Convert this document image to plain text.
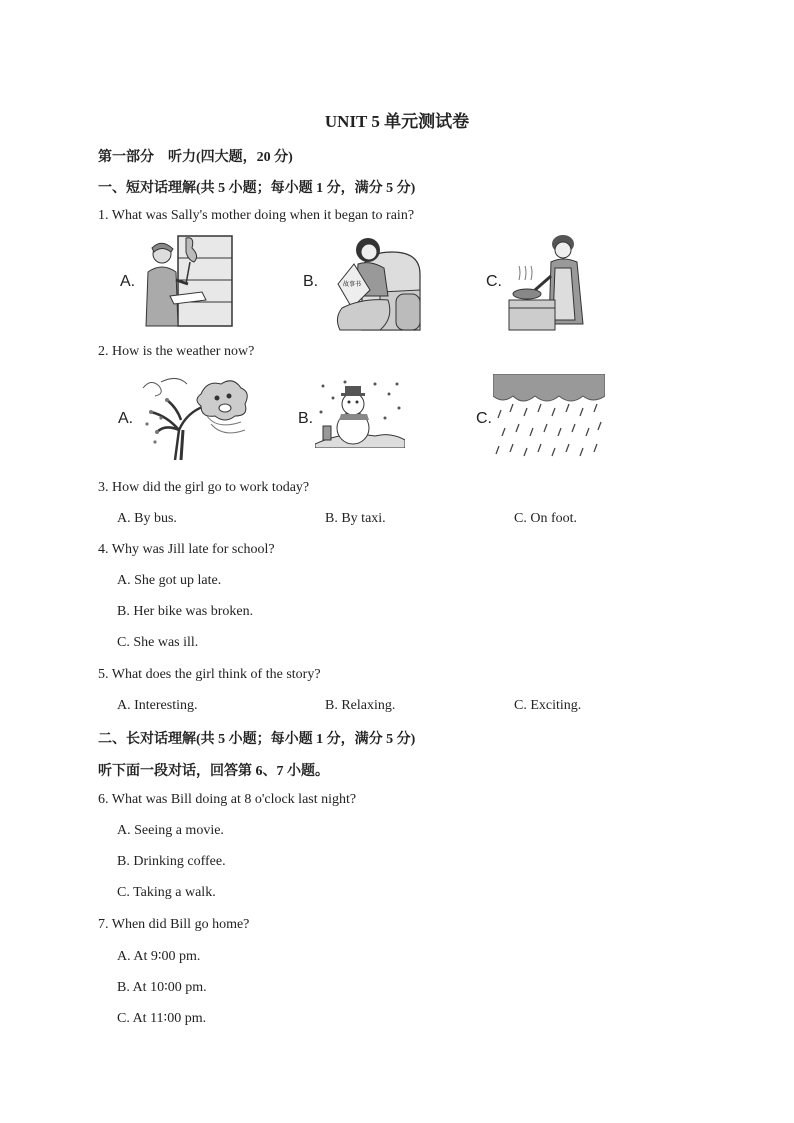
UNIT 5 单元测试卷
第一部分　听力(四大题，20 分)
一、短对话理解(共 5 小题；每小题 1 分，满分 5 分)
1. What was Sally's mother doing when it began to rain?
A.	B.	C.
故事书
2. How is the weather now?
A.	B.	C.
3. How did the girl go to work today?
A. By bus.	B. By taxi.	C. On foot.
4. Why was Jill late for school?
A. She got up late.
B. Her bike was broken.
C. She was ill.
5. What does the girl think of the story?
A. Interesting.	B. Relaxing.	C. Exciting.
二、长对话理解(共 5 小题；每小题 1 分，满分 5 分)
听下面一段对话，回答第 6、7 小题。
6. What was Bill doing at 8 o'clock last night?
A. Seeing a movie.
B. Drinking coffee.
C. Taking a walk.
7. When did Bill go home?
A. At 9∶00 pm.
B. At 10∶00 pm.
C. At 11∶00 pm.
